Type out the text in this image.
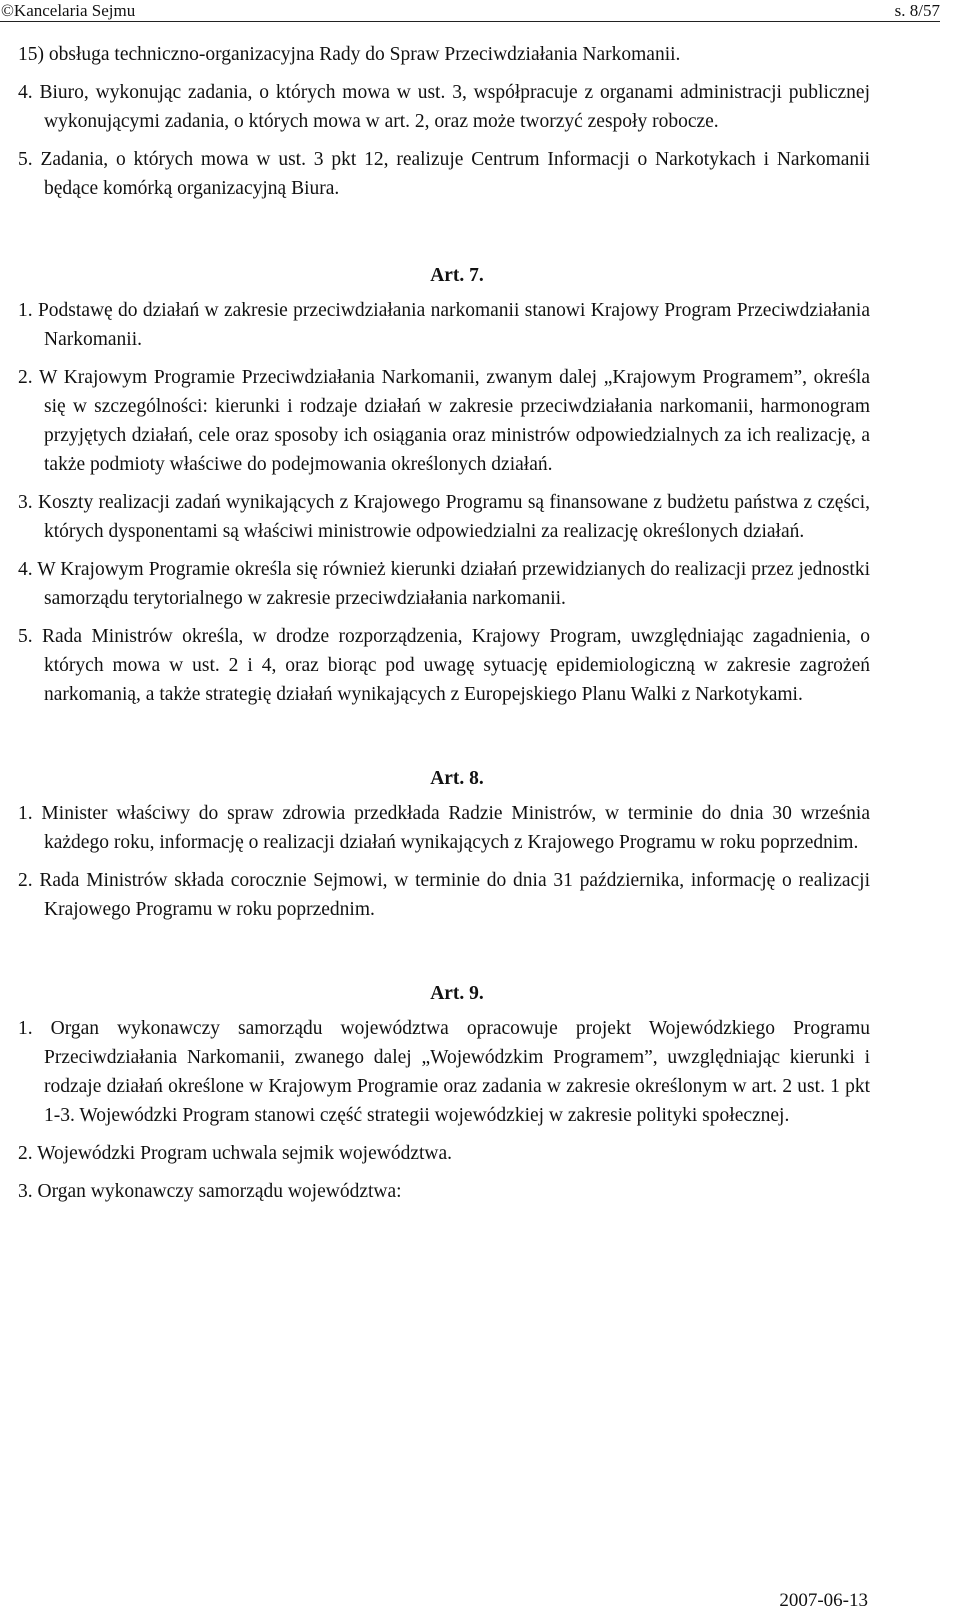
©Kancelaria Sejmu	s. 8/57

15) obsługa techniczno-organizacyjna Rady do Spraw Przeciwdziałania Narkomanii.

4. Biuro, wykonując zadania, o których mowa w ust. 3, współpracuje z organami administracji publicznej wykonującymi zadania, o których mowa w art. 2, oraz może tworzyć zespoły robocze.

5. Zadania, o których mowa w ust. 3 pkt 12, realizuje Centrum Informacji o Narkotykach i Narkomanii będące komórką organizacyjną Biura.

Art. 7.

1. Podstawę do działań w zakresie przeciwdziałania narkomanii stanowi Krajowy Program Przeciwdziałania Narkomanii.

2. W Krajowym Programie Przeciwdziałania Narkomanii, zwanym dalej „Krajowym Programem”, określa się w szczególności: kierunki i rodzaje działań w zakresie przeciwdziałania narkomanii, harmonogram przyjętych działań, cele oraz sposoby ich osiągania oraz ministrów odpowiedzialnych za ich realizację, a także podmioty właściwe do podejmowania określonych działań.

3. Koszty realizacji zadań wynikających z Krajowego Programu są finansowane z budżetu państwa z części, których dysponentami są właściwi ministrowie odpowiedzialni za realizację określonych działań.

4. W Krajowym Programie określa się również kierunki działań przewidzianych do realizacji przez jednostki samorządu terytorialnego w zakresie przeciwdziałania narkomanii.

5. Rada Ministrów określa, w drodze rozporządzenia, Krajowy Program, uwzględniając zagadnienia, o których mowa w ust. 2 i 4, oraz biorąc pod uwagę sytuację epidemiologiczną w zakresie zagrożeń narkomanią, a także strategię działań wynikających z Europejskiego Planu Walki z Narkotykami.

Art. 8.

1. Minister właściwy do spraw zdrowia przedkłada Radzie Ministrów, w terminie do dnia 30 września każdego roku, informację o realizacji działań wynikających z Krajowego Programu w roku poprzednim.

2. Rada Ministrów składa corocznie Sejmowi, w terminie do dnia 31 października, informację o realizacji Krajowego Programu w roku poprzednim.

Art. 9.

1. Organ wykonawczy samorządu województwa opracowuje projekt Wojewódzkiego Programu Przeciwdziałania Narkomanii, zwanego dalej „Wojewódzkim Programem”, uwzględniając kierunki i rodzaje działań określone w Krajowym Programie oraz zadania w zakresie określonym w art. 2 ust. 1 pkt 1-3. Wojewódzki Program stanowi część strategii wojewódzkiej w zakresie polityki społecznej.

2. Wojewódzki Program uchwala sejmik województwa.

3. Organ wykonawczy samorządu województwa:

2007-06-13
